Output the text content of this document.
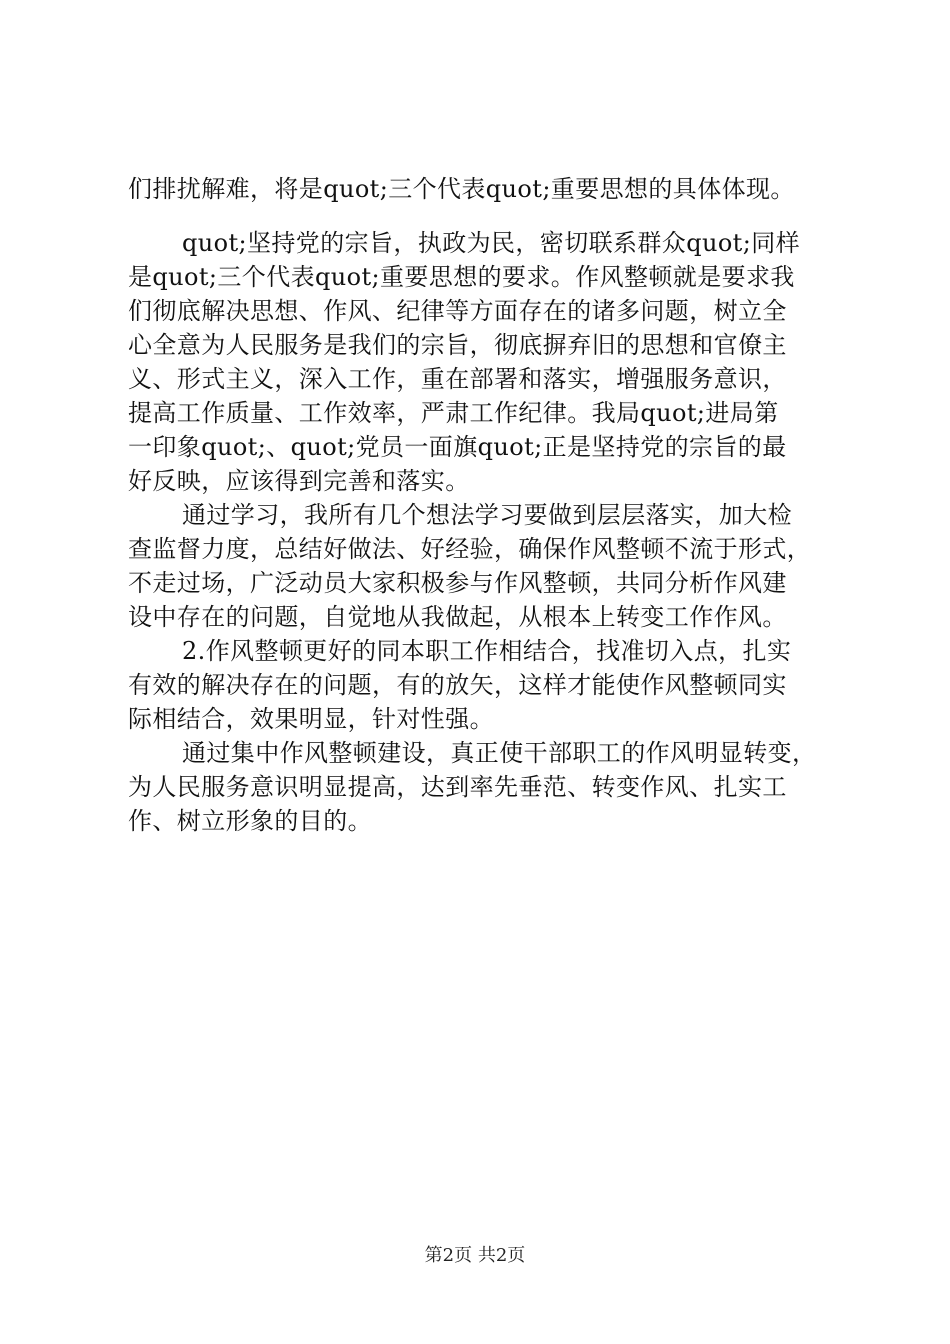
们排扰解难，将是quot;三个代表quot;重要思想的具体体现。
quot;坚持党的宗旨，执政为民，密切联系群众quot;同样
是quot;三个代表quot;重要思想的要求。作风整顿就是要求我
们彻底解决思想、作风、纪律等方面存在的诸多问题，树立全
心全意为人民服务是我们的宗旨，彻底摒弃旧的思想和官僚主
义、形式主义，深入工作，重在部署和落实，增强服务意识，
提高工作质量、工作效率，严肃工作纪律。我局quot;进局第
一印象quot;、quot;党员一面旗quot;正是坚持党的宗旨的最
好反映，应该得到完善和落实。
通过学习，我所有几个想法学习要做到层层落实，加大检
查监督力度，总结好做法、好经验，确保作风整顿不流于形式，
不走过场，广泛动员大家积极参与作风整顿，共同分析作风建
设中存在的问题，自觉地从我做起，从根本上转变工作作风。
2.作风整顿更好的同本职工作相结合，找准切入点，扎实
有效的解决存在的问题，有的放矢，这样才能使作风整顿同实
际相结合，效果明显，针对性强。
通过集中作风整顿建设，真正使干部职工的作风明显转变，
为人民服务意识明显提高，达到率先垂范、转变作风、扎实工
作、树立形象的目的。
第2页 共2页
